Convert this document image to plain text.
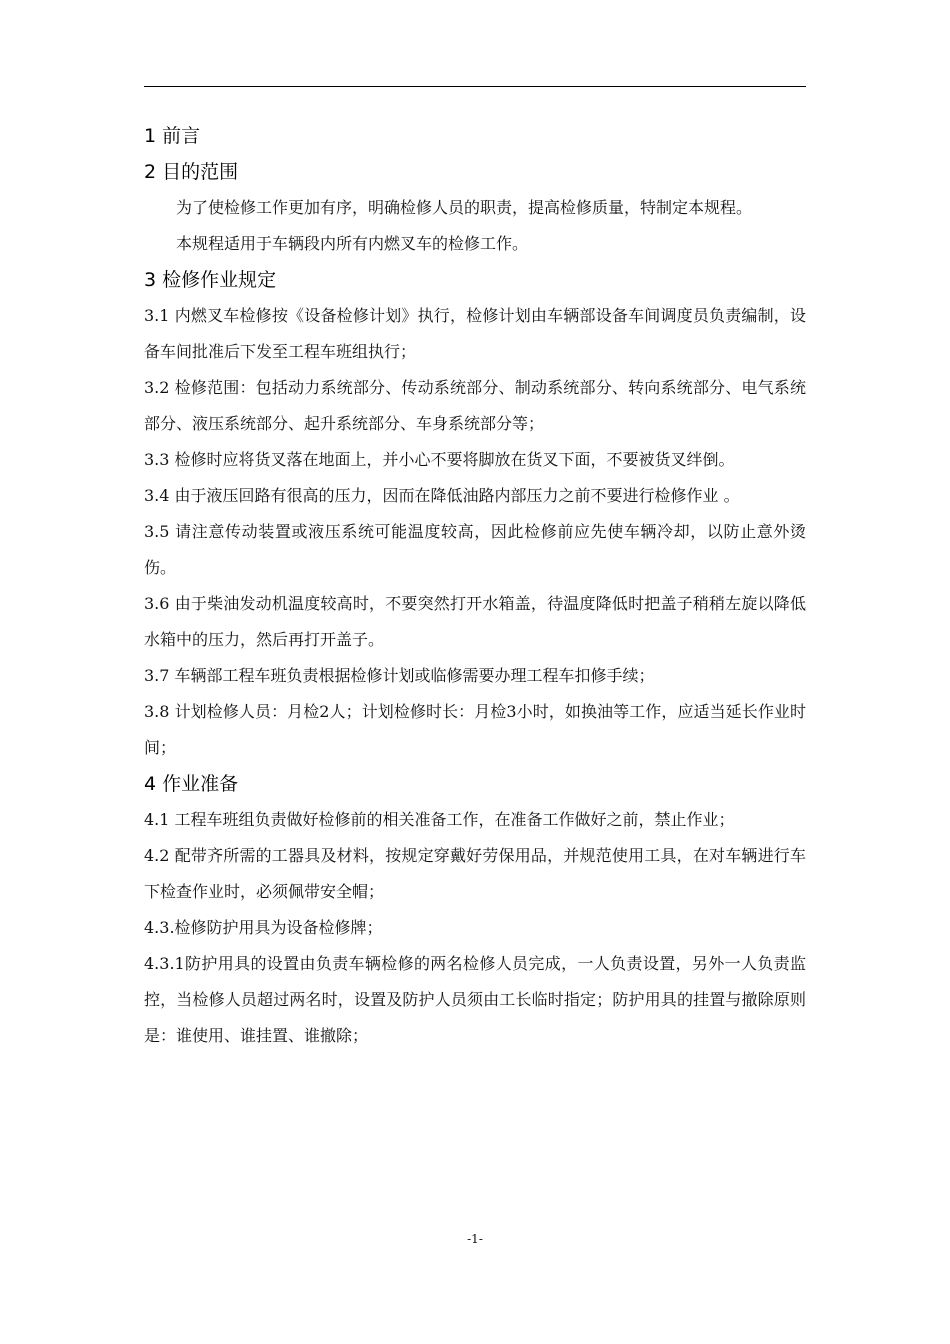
1 前言
2 目的范围
为了使检修工作更加有序，明确检修人员的职责，提高检修质量，特制定本规程。
本规程适用于车辆段内所有内燃叉车的检修工作。
3 检修作业规定
3.1 内燃叉车检修按《设备检修计划》执行，检修计划由车辆部设备车间调度员负责编制，设备车间批准后下发至工程车班组执行；
3.2 检修范围：包括动力系统部分、传动系统部分、制动系统部分、转向系统部分、电气系统部分、液压系统部分、起升系统部分、车身系统部分等；
3.3 检修时应将货叉落在地面上，并小心不要将脚放在货叉下面，不要被货叉绊倒。
3.4 由于液压回路有很高的压力，因而在降低油路内部压力之前不要进行检修作业 。
3.5 请注意传动装置或液压系统可能温度较高，因此检修前应先使车辆冷却，以防止意外烫伤。
3.6 由于柴油发动机温度较高时，不要突然打开水箱盖，待温度降低时把盖子稍稍左旋以降低水箱中的压力，然后再打开盖子。
3.7 车辆部工程车班负责根据检修计划或临修需要办理工程车扣修手续；
3.8 计划检修人员：月检2人；计划检修时长：月检3小时，如换油等工作，应适当延长作业时间；
4 作业准备
4.1 工程车班组负责做好检修前的相关准备工作，在准备工作做好之前，禁止作业；
4.2 配带齐所需的工器具及材料，按规定穿戴好劳保用品，并规范使用工具，在对车辆进行车下检查作业时，必须佩带安全帽；
4.3.检修防护用具为设备检修牌；
4.3.1防护用具的设置由负责车辆检修的两名检修人员完成，一人负责设置，另外一人负责监控，当检修人员超过两名时，设置及防护人员须由工长临时指定；防护用具的挂置与撤除原则是：谁使用、谁挂置、谁撤除；
-1-
